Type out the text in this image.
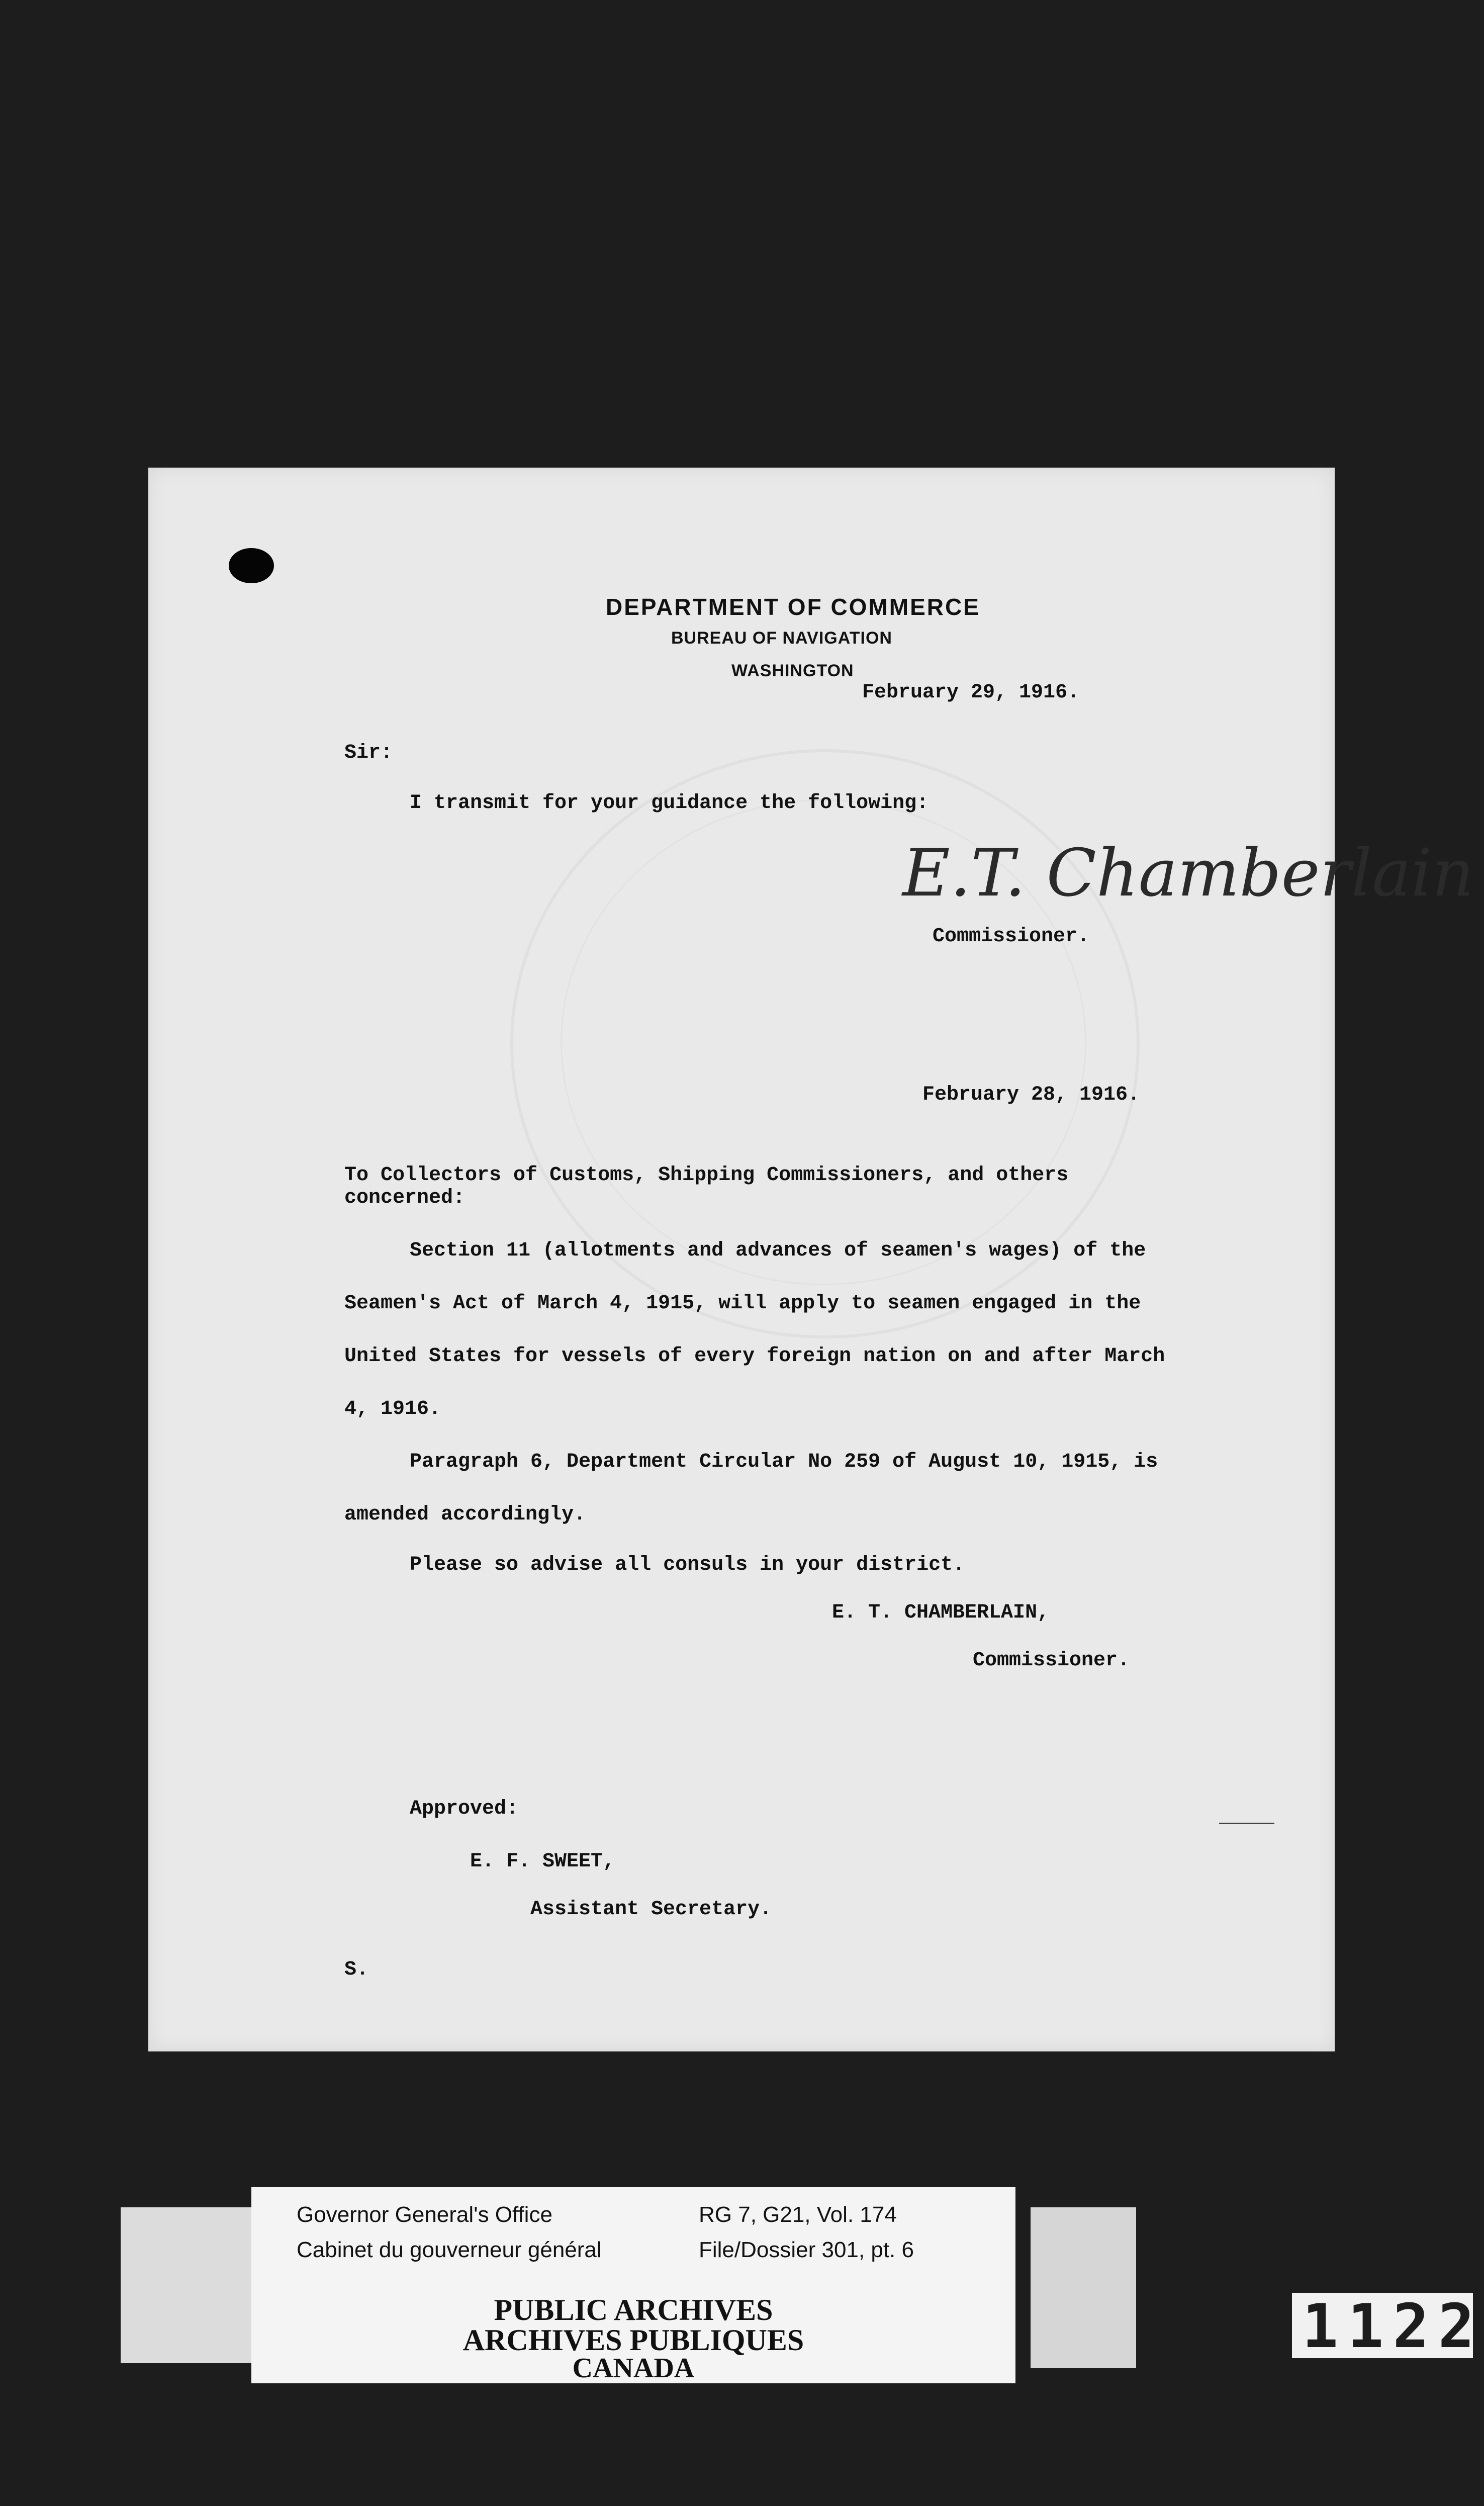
DEPARTMENT OF COMMERCE
BUREAU OF NAVIGATION
WASHINGTON
February 29, 1916.
Sir:
I transmit for your guidance the following:
E.T. Chamberlain
Commissioner.
February 28, 1916.
To Collectors of Customs, Shipping Commissioners, and others
concerned:
Section 11 (allotments and advances of seamen's wages) of the
Seamen's Act of March 4, 1915, will apply to seamen engaged in the
United States for vessels of every foreign nation on and after March
4, 1916.
Paragraph 6, Department Circular No 259 of August 10, 1915, is
amended accordingly.
Please so advise all consuls in your district.
E. T. CHAMBERLAIN,
Commissioner.
Approved:
E. F. SWEET,
Assistant Secretary.
S.
Governor General's Office
Cabinet du gouverneur général
RG 7, G21, Vol. 174
File/Dossier 301, pt. 6
PUBLIC ARCHIVES
ARCHIVES PUBLIQUES
CANADA
1122
